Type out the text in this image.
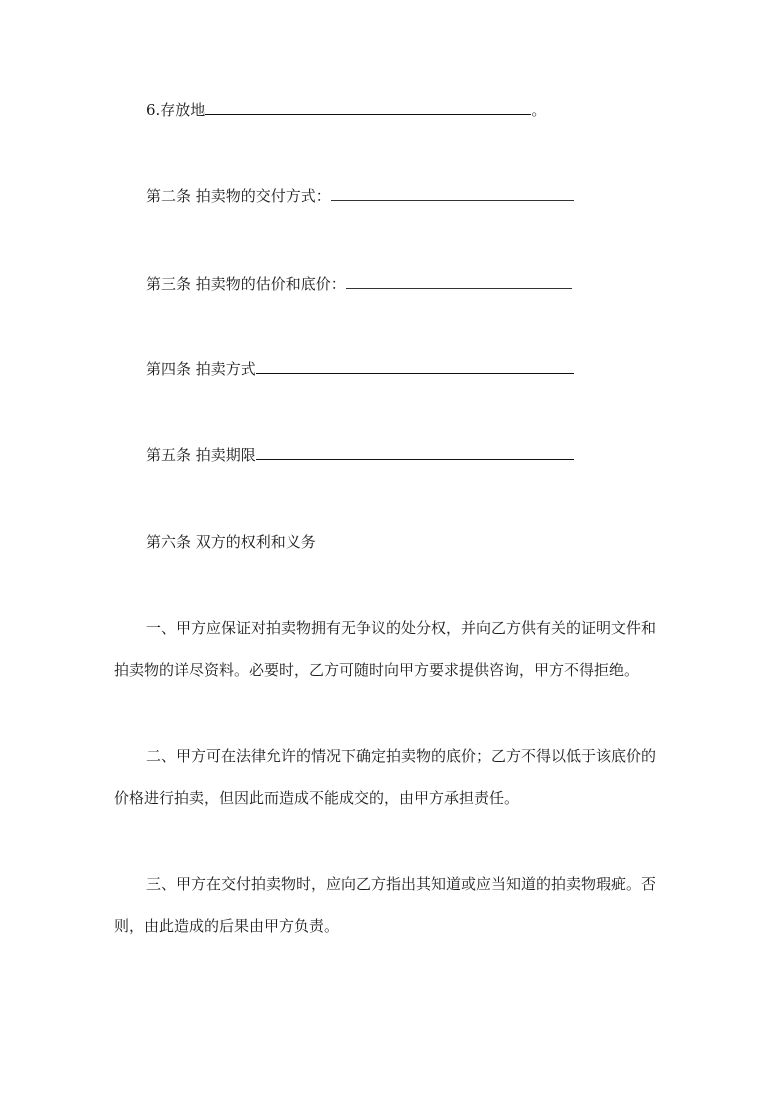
6.存放地	。
第二条 拍卖物的交付方式：
第三条 拍卖物的估价和底价：
第四条 拍卖方式
第五条 拍卖期限
第六条 双方的权利和义务
一、甲方应保证对拍卖物拥有无争议的处分权，并向乙方供有关的证明文件和
拍卖物的详尽资料。必要时，乙方可随时向甲方要求提供咨询，甲方不得拒绝。
二、甲方可在法律允许的情况下确定拍卖物的底价；乙方不得以低于该底价的
价格进行拍卖，但因此而造成不能成交的，由甲方承担责任。
三、甲方在交付拍卖物时，应向乙方指出其知道或应当知道的拍卖物瑕疵。否
则，由此造成的后果由甲方负责。
